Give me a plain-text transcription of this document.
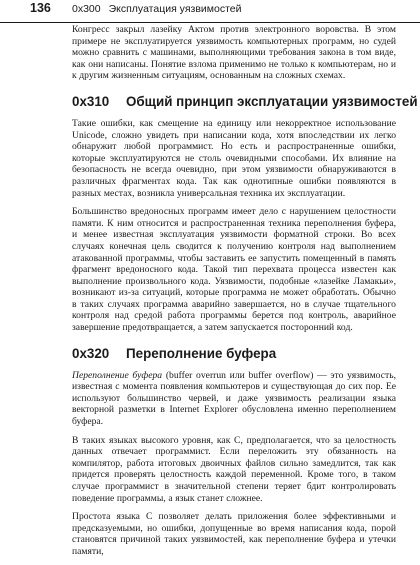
136 0x300 Эксплуатация уязвимостей

Конгресс закрыл лазейку Актом против электронного воровства. В этом примере не эксплуатируется уязвимость компьютерных программ, но судей можно сравнить с машинами, выполняющими требования закона в том виде, как они написаны. Понятие взлома применимо не только к компьютерам, но и к другим жизненным ситуациям, основанным на сложных схемах.

0x310 Общий принцип эксплуатации уязвимостей

Такие ошибки, как смещение на единицу или некорректное использование Unicode, сложно увидеть при написании кода, хотя впоследствии их легко обнаружит любой программист. Но есть и распространенные ошибки, которые эксплуатируются не столь очевидными способами. Их влияние на безопасность не всегда очевидно, при этом уязвимости обнаруживаются в различных фрагментах кода. Так как однотипные ошибки появляются в разных местах, возникла универсальная техника их эксплуатации.

Большинство вредоносных программ имеет дело с нарушением целостности памяти. К ним относится и распространенная техника переполнения буфера, и менее известная эксплуатация уязвимости форматной строки. Во всех случаях конечная цель сводится к получению контроля над выполнением атакованной программы, чтобы заставить ее запустить помещенный в память фрагмент вредоносного кода. Такой тип перехвата процесса известен как выполнение произвольного кода. Уязвимости, подобные «лазейке Ламакьи», возникают из-за ситуаций, которые программа не может обработать. Обычно в таких случаях программа аварийно завершается, но в случае тщательного контроля над средой работа программы берется под контроль, аварийное завершение предотвращается, а затем запускается посторонний код.

0x320 Переполнение буфера

Переполнение буфера (buffer overrun или buffer overflow) — это уязвимость, известная с момента появления компьютеров и существующая до сих пор. Ее используют большинство червей, и даже уязвимость реализации языка векторной разметки в Internet Explorer обусловлена именно переполнением буфера.

В таких языках высокого уровня, как C, предполагается, что за целостность данных отвечает программист. Если переложить эту обязанность на компилятор, работа итоговых двоичных файлов сильно замедлится, так как придется проверять целостность каждой переменной. Кроме того, в таком случае программист в значительной степени теряет бдит контролировать поведение программы, а язык станет сложнее.

Простота языка C позволяет делать приложения более эффективными и предсказуемыми, но ошибки, допущенные во время написания кода, порой становятся причиной таких уязвимостей, как переполнение буфера и утечки памяти,
